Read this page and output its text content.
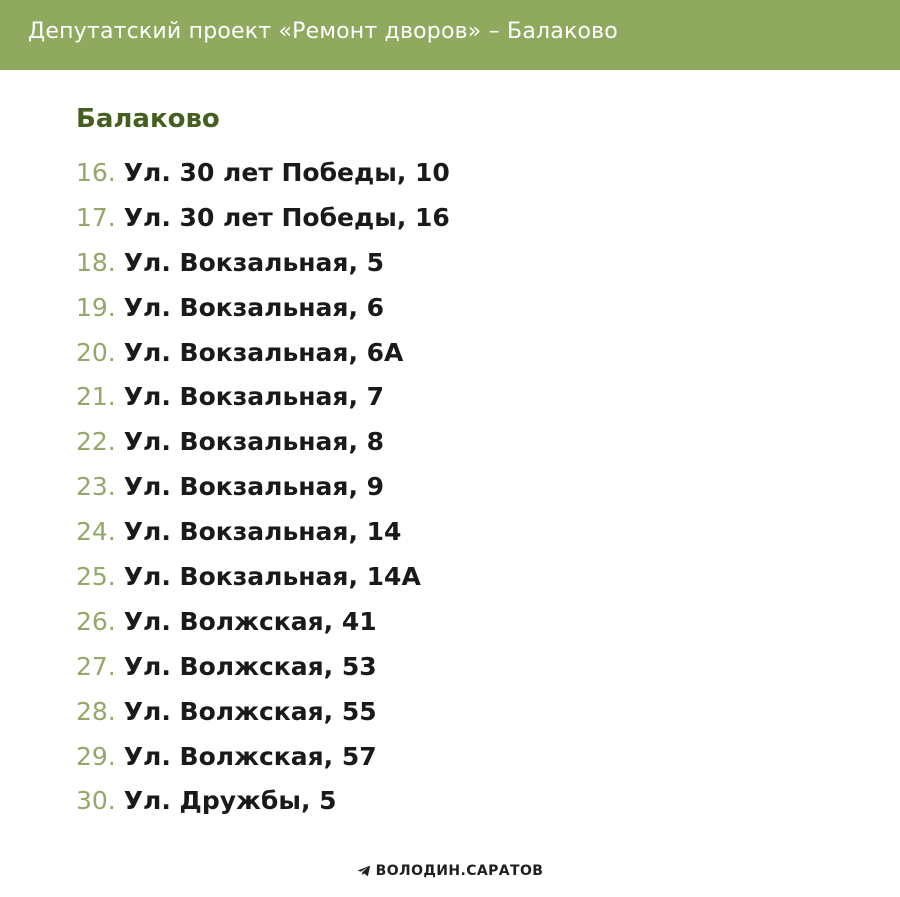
Депутатский проект «Ремонт дворов» – Балаково
Балаково
16. Ул. 30 лет Победы, 10
17. Ул. 30 лет Победы, 16
18. Ул. Вокзальная, 5
19. Ул. Вокзальная, 6
20. Ул. Вокзальная, 6А
21. Ул. Вокзальная, 7
22. Ул. Вокзальная, 8
23. Ул. Вокзальная, 9
24. Ул. Вокзальная, 14
25. Ул. Вокзальная, 14А
26. Ул. Волжская, 41
27. Ул. Волжская, 53
28. Ул. Волжская, 55
29. Ул. Волжская, 57
30. Ул. Дружбы, 5
ВОЛОДИН.САРАТОВ
